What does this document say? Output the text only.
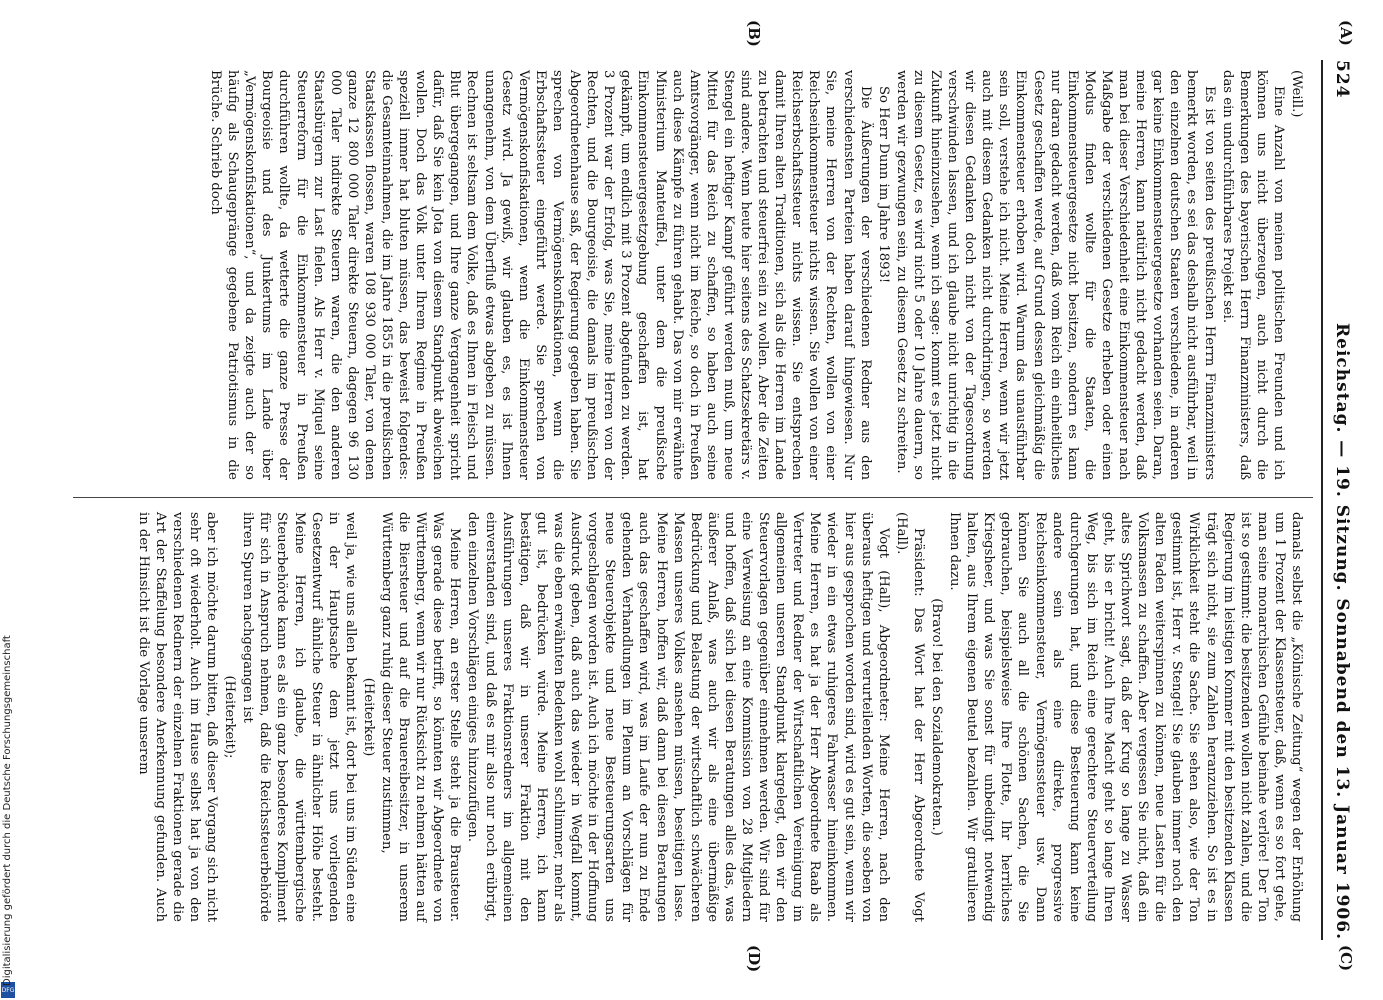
524
Reichstag. — 19. Sitzung. Sonnabend den 13. Januar 1906.
(A)
(B)
(C)
(D)

(Weill.)

Eine Anzahl von meinen politischen Freunden und ich können uns nicht überzeugen, auch nicht durch die Bemerkungen des bayerischen Herrn Finanzministers, daß das ein undurchführbares Projekt sei.

Es ist von seiten des preußischen Herrn Finanzministers bemerkt worden, es sei das deshalb nicht ausführbar, weil in den einzelnen deutschen Staaten verschiedene, in anderen gar keine Einkommensteuergesetze vorhanden seien. Daran, meine Herren, kann natürlich nicht gedacht werden, daß man bei dieser Verschiedenheit eine Einkommensteuer nach Maßgabe der verschiedenen Gesetze erheben oder einen Modus finden wollte für die Staaten, die Einkommensteuergesetze nicht besitzen, sondern es kann nur daran gedacht werden, daß vom Reich ein einheitliches Gesetz geschaffen werde, auf Grund dessen gleichmäßig die Einkommensteuer erhoben wird. Warum das unausführbar sein soll, verstehe ich nicht. Meine Herren, wenn wir jetzt auch mit diesem Gedanken nicht durchdringen, so werden wir diesen Gedanken doch nicht von der Tagesordnung verschwinden lassen, und ich glaube nicht unrichtig in die Zukunft hineinzusehen, wenn ich sage: kommt es jetzt nicht zu diesem Gesetz, es wird nicht 5 oder 10 Jahre dauern, so werden wir gezwungen sein, zu diesem Gesetz zu schreiten.

So Herr Dunn im Jahre 1893!

Die Äußerungen der verschiedenen Redner aus den verschiedensten Parteien haben darauf hingewiesen. Nur Sie, meine Herren von der Rechten, wollen von einer Reichseinkommensteuer nichts wissen. Sie wollen von einer Reichserbschaftssteuer nichts wissen. Sie entsprechen damit Ihren alten Traditionen, sich als die Herren im Lande zu betrachten und steuerfrei sein zu wollen. Aber die Zeiten sind andere. Wenn heute hier seitens des Schatzsekretärs v. Stengel ein heftiger Kampf geführt werden muß, um neue Mittel für das Reich zu schaffen, so haben auch seine Amtsvorgänger, wenn nicht im Reiche, so doch in Preußen auch diese Kämpfe zu führen gehabt. Das von mir erwähnte Ministerium Manteuffel, unter dem die preußische Einkommensteuergesetzgebung geschaffen ist, hat gekämpft, um endlich mit 3 Prozent abgefunden zu werden. 3 Prozent war der Erfolg, was Sie, meine Herren von der Rechten, und die Bourgeoisie, die damals im preußischen Abgeordnetenhause saß, der Regierung gegeben haben. Sie sprechen von Vermögenskonfiskationen, wenn die Erbschaftssteuer eingeführt werde. Sie sprechen von Vermögenskonfiskationen, wenn die Einkommensteuer Gesetz wird. Ja gewiß, wir glauben es, es ist Ihnen unangenehm, von dem Überfluß etwas abgeben zu müssen. Rechnen ist seltsam dem Volke, daß es Ihnen in Fleisch und Blut übergegangen, und Ihre ganze Vergangenheit spricht dafür, daß Sie kein Jota von diesem Standpunkt abweichen wollen. Doch das Volk unter Ihrem Regime in Preußen speziell immer hat bluten müssen, das beweist folgendes: die Gesamteinnahmen, die im Jahre 1855 in die preußischen Staatskassen flossen, waren 108 930 000 Taler, von denen ganze 12 800 000 Taler direkte Steuern, dagegen 96 130 000 Taler indirekte Steuern waren, die den anderen Staatsbürgern zur Last fielen. Als Herr v. Miquel seine Steuerreform für die Einkommensteuer in Preußen durchführen wollte, da wetterte die ganze Presse der Bourgeoisie und des Junkertums im Lande über „Vermögenskonfiskationen“, und da zeigte auch der so häufig als Schaugepränge gegebene Patriotismus in die Brüche. Schrieb doch

damals selbst die „Kölnische Zeitung“ wegen der Erhöhung um 1 Prozent der Klassensteuer, daß, wenn es so fort gehe, man seine monarchischen Gefühle beinahe verlöre! Der Ton ist so gestimmt: die besitzenden wollen nicht zahlen, und die Regierung im leistigen Kommer mit den besitzenden Klassen trägt sich nicht, sie zum Zahlen heranzuziehen. So ist es in Wirklichkeit steht die Sache. Sie sehen also, wie der Ton gestimmt ist, Herr v. Stengel! Sie glauben immer noch den alten Faden weiterspinnen zu können, neue Lasten für die Volksmassen zu schaffen. Aber vergessen Sie nicht, daß ein altes Sprichwort sagt, daß der Krug so lange zu Wasser geht, bis er bricht! Auch Ihre Macht geht so lange Ihren Weg, bis sich im Reich eine gerechtere Steuerverteilung durchgerungen hat, und diese Besteuerung kann keine andere sein als eine direkte, progressive Reichseinkommensteuer, Vermögenssteuer usw. Dann können Sie auch all die schönen Sachen, die Sie gebrauchen, beispielsweise Ihre Flotte, Ihr herrliches Kriegsheer, und was Sie sonst für unbedingt notwendig halten, aus Ihrem eigenen Beutel bezahlen. Wir gratulieren Ihnen dazu.

(Bravo! bei den Sozialdemokraten.)

Präsident: Das Wort hat der Herr Abgeordnete Vogt (Hall).

Vogt (Hall), Abgeordneter: Meine Herren, nach den überaus heftigen und verurteilenden Worten, die soeben von hier aus gesprochen worden sind, wird es gut sein, wenn wir wieder in ein etwas ruhigeres Fahrwasser hineinkommen. Meine Herren, es hat ja der Herr Abgeordnete Raab als Vertreter und Redner der Wirtschaftlichen Vereinigung im allgemeinen unseren Standpunkt klargelegt, den wir den Steuervorlagen gegenüber einnehmen werden. Wir sind für eine Verweisung an eine Kommission von 28 Mitgliedern und hoffen, daß sich bei diesen Beratungen alles das, was äußerer Anlaß, was auch wir als eine übermäßige Bedrückung und Belastung der wirtschaftlich schwächeren Massen unseres Volkes ansehen müssen, beseitigen lasse. Meine Herren, hoffen wir, daß dann bei diesen Beratungen auch das geschaffen wird, was im Laufe der nun zu Ende gehenden Verhandlungen im Plenum an Vorschlägen für neue Steuerobjekte und neue Besteuerungsarten uns vorgeschlagen worden ist. Auch ich möchte in der Hoffnung Ausdruck geben, daß auch das wieder in Wegfall kommt, was die eben erwähnten Bedenken wohl schlimmer, mehr als gut ist, bedrücken würde. Meine Herren, ich kann bestätigen, daß wir in unserer Fraktion mit den Ausführungen unseres Fraktionsredners im allgemeinen einverstanden sind, und daß es mir also nur noch erübrigt, den einzelnen Vorschlägen einiges hinzuzufügen.

Meine Herren, an erster Stelle steht ja die Brausteuer. Was gerade diese betrifft, so könnten wir Abgeordnete von Württemberg, wenn wir nur Rücksicht zu nehmen hätten auf die Biersteuer und auf die Brauereibesitzer, in unserem Württemberg ganz ruhig dieser Steuer zustimmen,

(Heiterkeit)

weil ja, wie uns allen bekannt ist, dort bei uns im Süden eine in der Hauptsache dem jetzt uns vorliegenden Gesetzentwurf ähnliche Steuer in ähnlicher Höhe besteht. Meine Herren, ich glaube, die württembergische Steuerbehörde kann es als ein ganz besonderes Kompliment für sich in Anspruch nehmen, daß die Reichssteuerbehörde ihren Spuren nachgegangen ist

(Heiterkeit);

aber ich möchte darum bitten, daß dieser Vorgang sich nicht sehr oft wiederholt. Auch im Hause selbst hat ja von den verschiedenen Rednern der einzelnen Fraktionen gerade die Art der Staffelung besondere Anerkennung gefunden. Auch in der Hinsicht ist die Vorlage unserem

DFG
Digitalisierung gefördert durch die Deutsche Forschungsgemeinschaft
